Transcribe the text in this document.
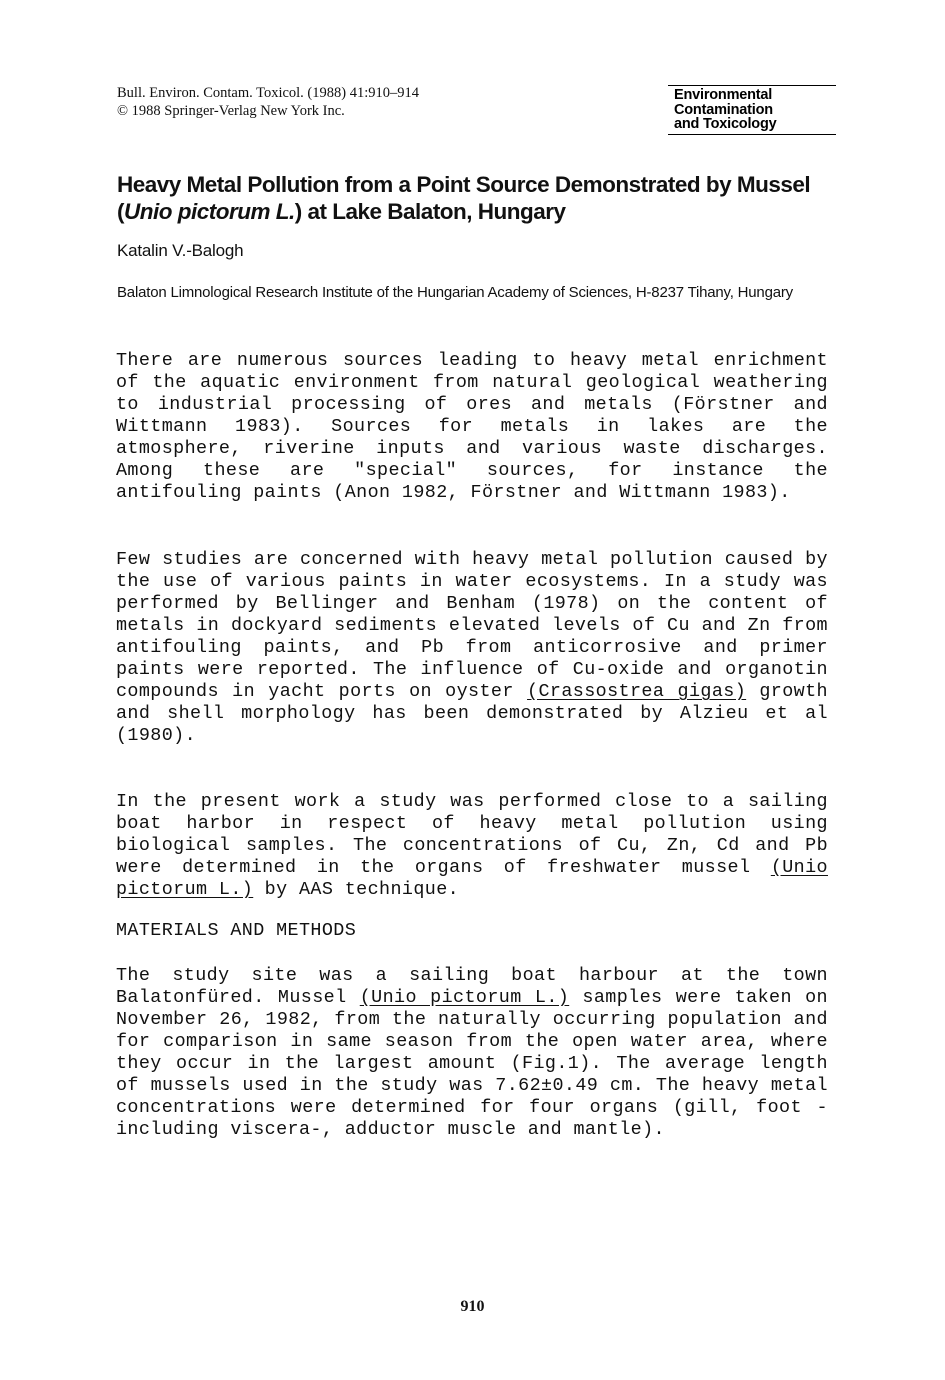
Bull. Environ. Contam. Toxicol. (1988) 41:910–914
© 1988 Springer-Verlag New York Inc.
Environmental
Contamination
and Toxicology
Heavy Metal Pollution from a Point Source Demonstrated by Mussel (Unio pictorum L.) at Lake Balaton, Hungary
Katalin V.-Balogh
Balaton Limnological Research Institute of the Hungarian Academy of Sciences, H-8237 Tihany, Hungary
There are numerous sources leading to heavy metal enrichment of the aquatic environment from natural geological weathering to industrial processing of ores and metals (Förstner and Wittmann 1983). Sources for metals in lakes are the atmosphere, riverine inputs and various waste discharges. Among these are "special" sources, for instance the antifouling paints (Anon 1982, Förstner and Wittmann 1983).
Few studies are concerned with heavy metal pollution caused by the use of various paints in water ecosystems. In a study was performed by Bellinger and Benham (1978) on the content of metals in dockyard sediments elevated levels of Cu and Zn from antifouling paints, and Pb from anticorrosive and primer paints were reported. The influence of Cu-oxide and organotin compounds in yacht ports on oyster (Crassostrea gigas) growth and shell morphology has been demonstrated by Alzieu et al (1980).
In the present work a study was performed close to a sailing boat harbor in respect of heavy metal pollution using biological samples. The concentrations of Cu, Zn, Cd and Pb were determined in the organs of freshwater mussel (Unio pictorum L.) by AAS technique.
MATERIALS AND METHODS
The study site was a sailing boat harbour at the town Balatonfüred. Mussel (Unio pictorum L.) samples were taken on November 26, 1982, from the naturally occurring population and for comparison in same season from the open water area, where they occur in the largest amount (Fig.1). The average length of mussels used in the study was 7.62±0.49 cm. The heavy metal concentrations were determined for four organs (gill, foot -including viscera-, adductor muscle and mantle).
910
